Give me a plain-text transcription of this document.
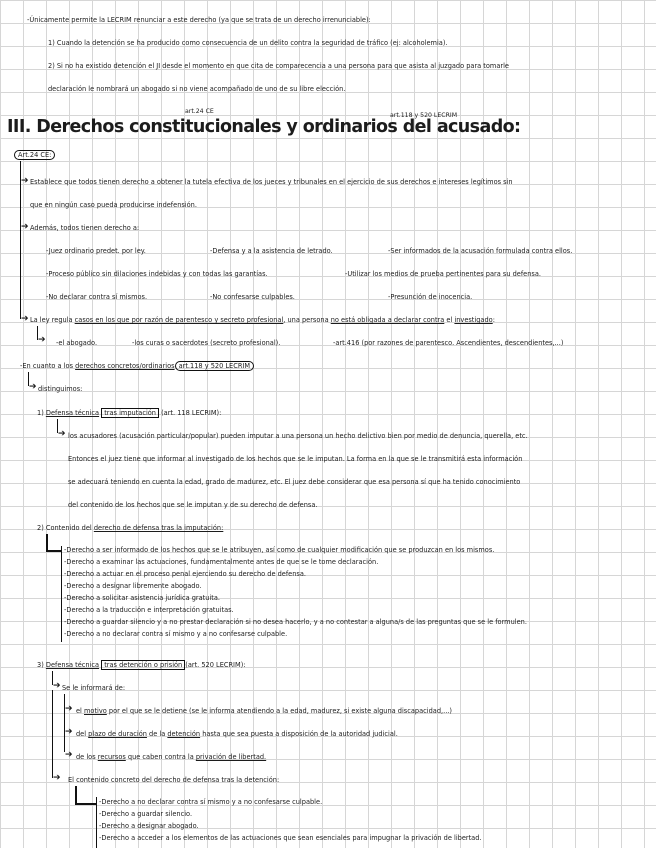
-Únicamente permite la LECRIM renunciar a este derecho (ya que se trata de un derecho irrenunciable):
1) Cuando la detención se ha producido como consecuencia de un delito contra la seguridad de tráfico (ej: alcoholemia).
2) Si no ha existido detención el JI desde el momento en que cita de comparecencia a una persona para que asista al juzgado para tomarle
declaración le nombrará un abogado si no viene acompañado de uno de su libre elección.
art.24 CE
art.118 y 520 LECRIM
III. Derechos constitucionales y ordinarios del acusado:
Art.24 CE:
➔ Establece que todos tienen derecho a obtener la tutela efectiva de los jueces y tribunales en el ejercicio de sus derechos e intereses legítimos sin
que en ningún caso pueda producirse indefensión.
➔ Además, todos tienen derecho a:
-Juez ordinario predet. por ley.	-Defensa y a la asistencia de letrado.	-Ser informados de la acusación formulada contra ellos.
-Proceso público sin dilaciones indebidas y con todas las garantías.	-Utilizar los medios de prueba pertinentes para su defensa.
-No declarar contra sí mismos.	-No confesarse culpables.	-Presunción de inocencia.
➔ La ley regula casos en los que por razón de parentesco y secreto profesional, una persona no está obligada a declarar contra el investigado:
➔ -el abogado.	-los curas o sacerdotes (secreto profesional).	-art.416 (por razones de parentesco. Ascendientes, descendientes,...)
-En cuanto a los derechos concretos/ordinarios art.118 y 520 LECRIM
➔ distinguimos:
1) Defensa técnica tras imputación (art. 118 LECRIM):
➔ los acusadores (acusación particular/popular) pueden imputar a una persona un hecho delictivo bien por medio de denuncia, querella, etc.
Entonces el juez tiene que informar al investigado de los hechos que se le imputan. La forma en la que se le transmitirá esta información
se adecuará teniendo en cuenta la edad, grado de madurez, etc. El juez debe considerar que esa persona sí que ha tenido conocimiento
del contenido de los hechos que se le imputan y de su derecho de defensa.
2) Contenido del derecho de defensa tras la imputación:
-Derecho a ser informado de los hechos que se le atribuyen, así como de cualquier modificación que se produzcan en los mismos.
-Derecho a examinar las actuaciones, fundamentalmente antes de que se le tome declaración.
-Derecho a actuar en el proceso penal ejerciendo su derecho de defensa.
-Derecho a designar libremente abogado.
-Derecho a solicitar asistencia jurídica gratuita.
-Derecho a la traducción e interpretación gratuitas.
-Derecho a guardar silencio y a no prestar declaración si no desea hacerlo, y a no contestar a alguna/s de las preguntas que se le formulen.
-Derecho a no declarar contra sí mismo y a no confesarse culpable.
3) Defensa técnica tras detención o prisión (art. 520 LECRIM):
➔ Se le informará de:
➔ el motivo por el que se le detiene (se le informa atendiendo a la edad, madurez, si existe alguna discapacidad,...)
➔ del plazo de duración de la detención hasta que sea puesta a disposición de la autoridad judicial.
➔ de los recursos que caben contra la privación de libertad.
➔ El contenido concreto del derecho de defensa tras la detención:
-Derecho a no declarar contra sí mismo y a no confesarse culpable.
-Derecho a guardar silencio.
-Derecho a designar abogado.
-Derecho a acceder a los elementos de las actuaciones que sean esenciales para impugnar la privación de libertad.
